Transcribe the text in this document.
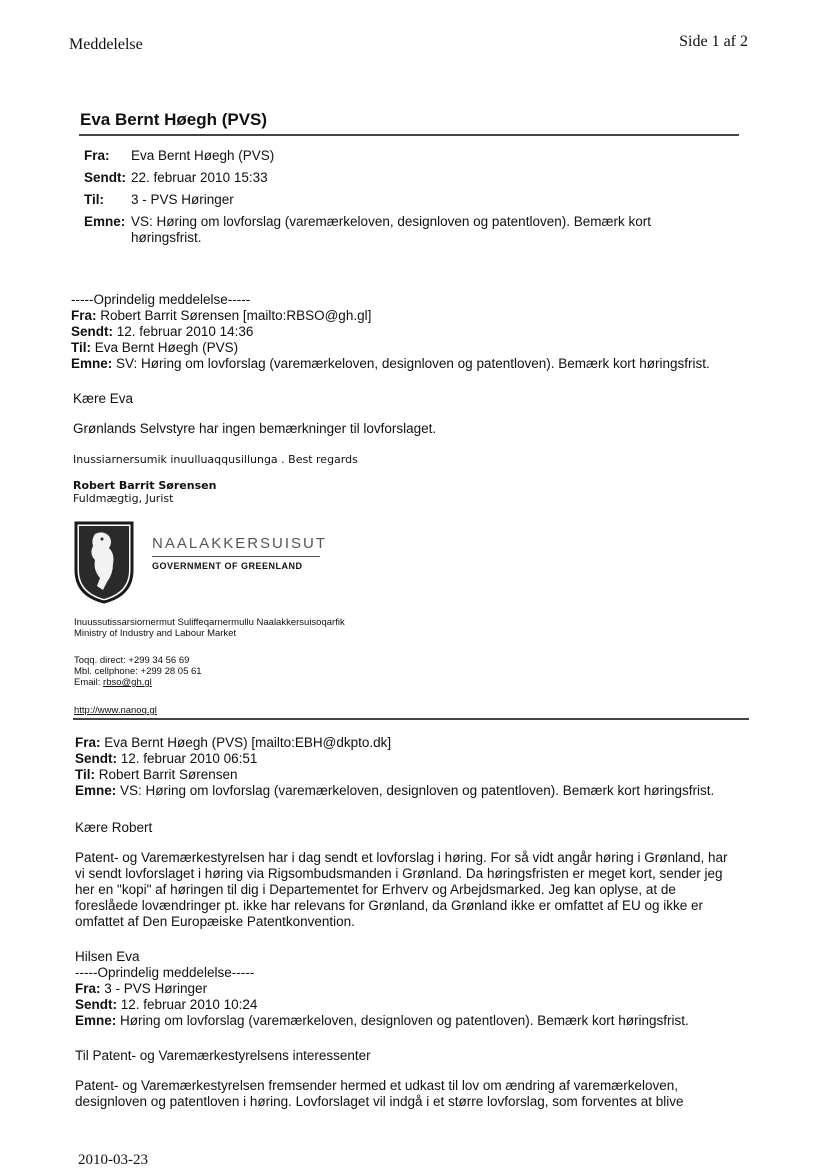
Meddelelse	Side 1 af 2
Eva Bernt Høegh (PVS)
Fra:	Eva Bernt Høegh (PVS)
Sendt: 22. februar 2010 15:33
Til:	3 - PVS Høringer
Emne: VS: Høring om lovforslag (varemærkeloven, designloven og patentloven). Bemærk kort
høringsfrist.
-----Oprindelig meddelelse-----
Fra: Robert Barrit Sørensen [mailto:RBSO@gh.gl]
Sendt: 12. februar 2010 14:36
Til: Eva Bernt Høegh (PVS)
Emne: SV: Høring om lovforslag (varemærkeloven, designloven og patentloven). Bemærk kort høringsfrist.
Kære Eva
Grønlands Selvstyre har ingen bemærkninger til lovforslaget.
Inussiarnersumik inuulluaqqusillunga . Best regards
Robert Barrit Sørensen
Fuldmægtig, Jurist
NAALAKKERSUISUT
GOVERNMENT OF GREENLAND
Inuussutissarsiornermut Suliffeqarnermullu Naalakkersuisoqarfik
Ministry of Industry and Labour Market
Toqq. direct: +299 34 56 69
Mbl. cellphone: +299 28 05 61
Email: rbso@gh.gl
http://www.nanoq.gl
Fra: Eva Bernt Høegh (PVS) [mailto:EBH@dkpto.dk]
Sendt: 12. februar 2010 06:51
Til: Robert Barrit Sørensen
Emne: VS: Høring om lovforslag (varemærkeloven, designloven og patentloven). Bemærk kort høringsfrist.
Kære Robert
Patent- og Varemærkestyrelsen har i dag sendt et lovforslag i høring. For så vidt angår høring i Grønland, har
vi sendt lovforslaget i høring via Rigsombudsmanden i Grønland. Da høringsfristen er meget kort, sender jeg
her en "kopi" af høringen til dig i Departementet for Erhverv og Arbejdsmarked. Jeg kan oplyse, at de
foreslåede lovændringer pt. ikke har relevans for Grønland, da Grønland ikke er omfattet af EU og ikke er
omfattet af Den Europæiske Patentkonvention.
Hilsen Eva
-----Oprindelig meddelelse-----
Fra: 3 - PVS Høringer
Sendt: 12. februar 2010 10:24
Emne: Høring om lovforslag (varemærkeloven, designloven og patentloven). Bemærk kort høringsfrist.
Til Patent- og Varemærkestyrelsens interessenter
Patent- og Varemærkestyrelsen fremsender hermed et udkast til lov om ændring af varemærkeloven,
designloven og patentloven i høring. Lovforslaget vil indgå i et større lovforslag, som forventes at blive
2010-03-23
